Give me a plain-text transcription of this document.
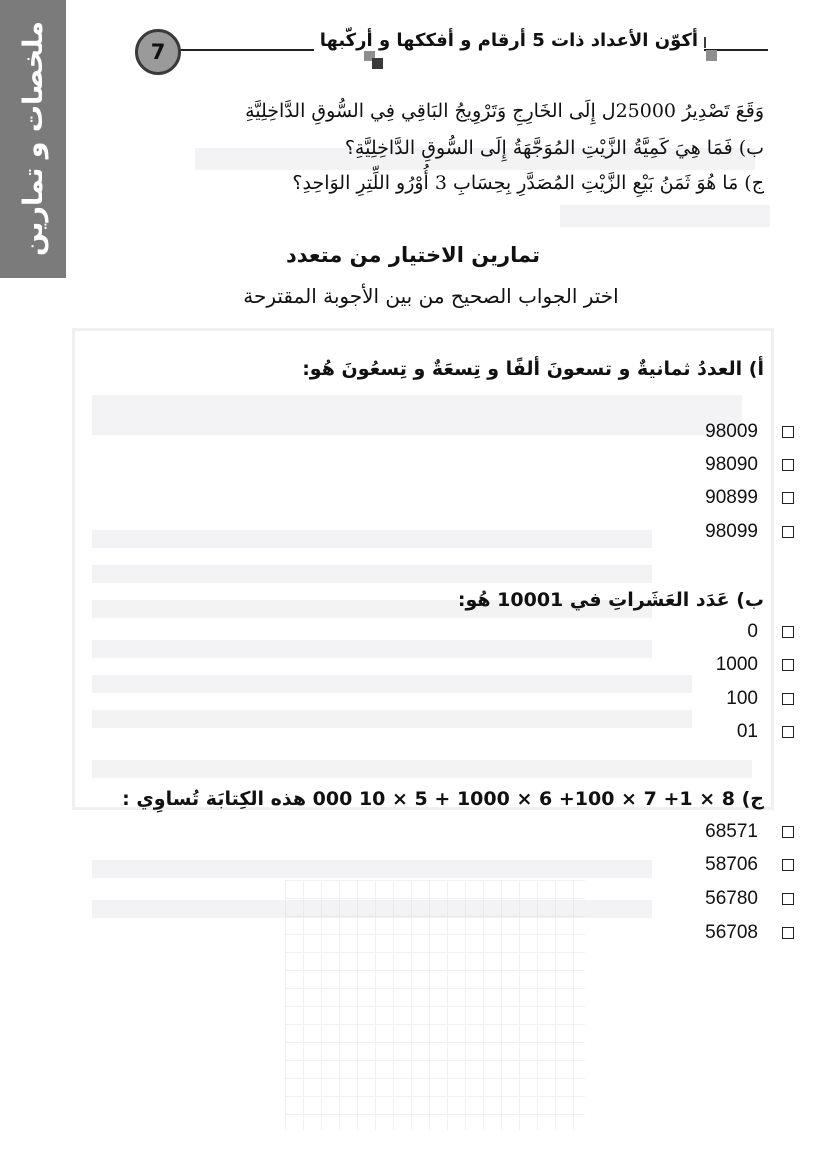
ملخصات و تمارين	أكوّن الأعداد ذات 5 أرقام و أفككها و أركّبها
7
وَقَعَ تَصْدِيرُ 25000ل إِلَى الخَارِجِ وَتَرْوِيجُ البَاقِي فِي السُّوقِ الدَّاخِلِيَّةِ
ب) فَمَا هِيَ كَمِيَّةُ الزَّيْتِ المُوَجَّهَةُ إِلَى السُّوقِ الدَّاخِلِيَّةِ؟
ج) مَا هُوَ ثَمَنُ بَيْعِ الزَّيْتِ المُصَدَّرِ بِحِسَابِ 3 أُوْرُو اللِّتِرِ الوَاحِدِ؟
تمارين الاختيار من متعدد
اختر الجواب الصحيح من بين الأجوبة المقترحة
أ) العددُ ثمانيةٌ و تسعونَ ألفًا و تِسعَةٌ و تِسعُونَ هُو:
98009
98090
90899
98099
ب) عَدَد العَشَراتِ في 10001 هُو:
0
1000
100
01
ج) 8 × 1+ 7 × 100+ 6 × 1000 + 5 × 10 000 هذه الكِتابَة تُساوِي :
68571
58706
56780
56708
